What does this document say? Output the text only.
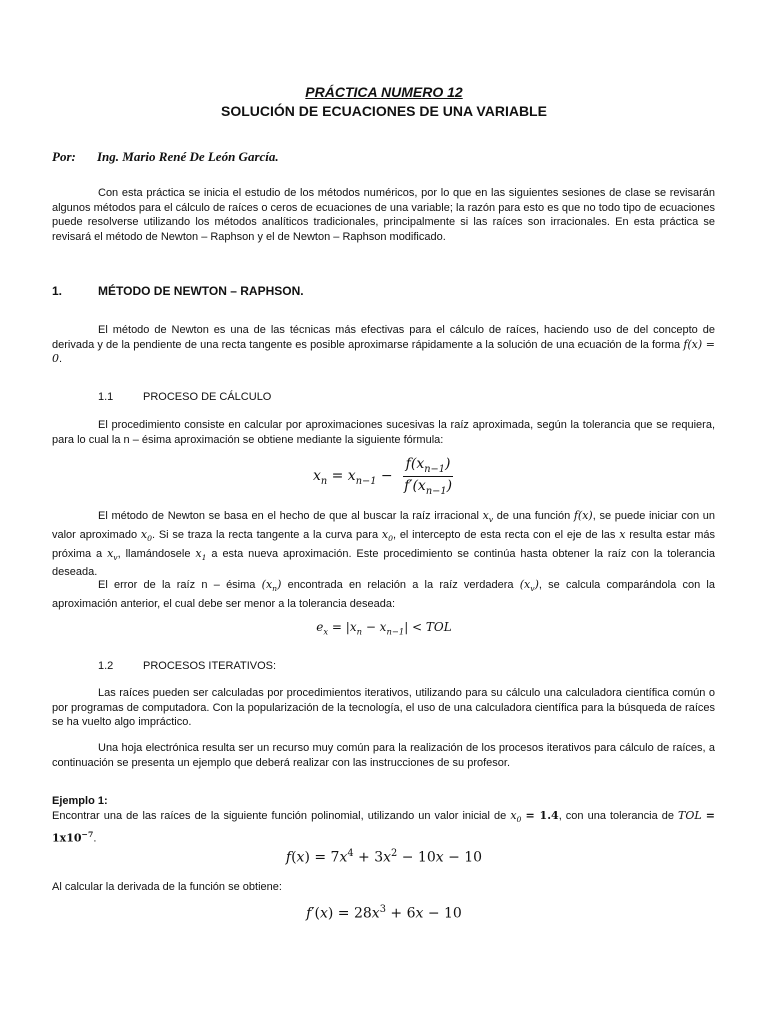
PRÁCTICA NUMERO 12
SOLUCIÓN DE ECUACIONES DE UNA VARIABLE
Por: Ing. Mario René De León García.
Con esta práctica se inicia el estudio de los métodos numéricos, por lo que en las siguientes sesiones de clase se revisarán algunos métodos para el cálculo de raíces o ceros de ecuaciones de una variable; la razón para esto es que no todo tipo de ecuaciones puede resolverse utilizando los métodos analíticos tradicionales, principalmente si las raíces son irracionales. En esta práctica se revisará el método de Newton – Raphson y el de Newton – Raphson modificado.
1.	MÉTODO DE NEWTON – RAPHSON.
El método de Newton es una de las técnicas más efectivas para el cálculo de raíces, haciendo uso de del concepto de derivada y de la pendiente de una recta tangente es posible aproximarse rápidamente a la solución de una ecuación de la forma f(x) = 0.
1.1	PROCESO DE CÁLCULO
El procedimiento consiste en calcular por aproximaciones sucesivas la raíz aproximada, según la tolerancia que se requiera, para lo cual la n – ésima aproximación se obtiene mediante la siguiente fórmula:
$x_n = x_{n-1} - \frac{f(x_{n-1})}{f'(x_{n-1})}$
El método de Newton se basa en el hecho de que al buscar la raíz irracional $x_v$ de una función f(x), se puede iniciar con un valor aproximado $x_0$. Si se traza la recta tangente a la curva para $x_0$, el intercepto de esta recta con el eje de las x resulta estar más próxima a $x_v$, llamándosele $x_1$ a esta nueva aproximación. Este procedimiento se continúa hasta obtener la raíz con la tolerancia deseada.
El error de la raíz n – ésima $(x_n)$ encontrada en relación a la raíz verdadera $(x_v)$, se calcula comparándola con la aproximación anterior, el cual debe ser menor a la tolerancia deseada:
$e_x = |x_n - x_{n-1}|$ < TOL
1.2	PROCESOS ITERATIVOS:
Las raíces pueden ser calculadas por procedimientos iterativos, utilizando para su cálculo una calculadora científica común o por programas de computadora. Con la popularización de la tecnología, el uso de una calculadora científica para la búsqueda de raíces se ha vuelto algo impráctico.
Una hoja electrónica resulta ser un recurso muy común para la realización de los procesos iterativos para cálculo de raíces, a continuación se presenta un ejemplo que deberá realizar con las instrucciones de su profesor.
Ejemplo 1:
Encontrar una de las raíces de la siguiente función polinomial, utilizando un valor inicial de $x_0 = 1.4$, con una tolerancia de TOL = $1x10^{-7}$.
$f(x) = 7x^4 + 3x^2 - 10x - 10$
Al calcular la derivada de la función se obtiene:
$f'(x) = 28x^3 + 6x - 10$
